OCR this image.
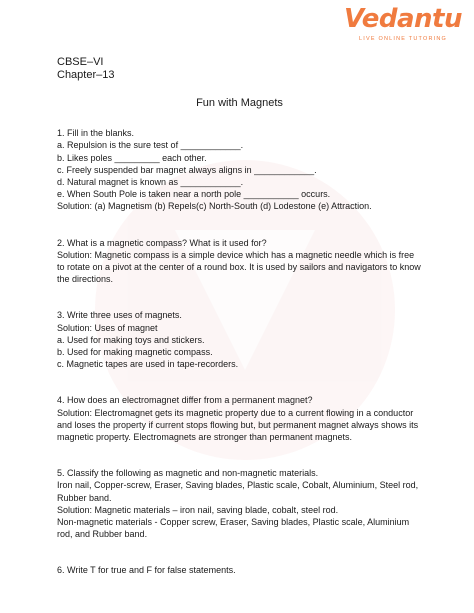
Vedantu
LIVE ONLINE TUTORING
CBSE–VI
Chapter–13
Fun with Magnets

1. Fill in the blanks.

a. Repulsion is the sure test of ____________.

b. Likes poles _________ each other.

c. Freely suspended bar magnet always aligns in ____________.

d. Natural magnet is known as ____________.

e. When South Pole is taken near a north pole ___________ occurs.

Solution: (a) Magnetism (b) Repels(c) North-South (d) Lodestone (e) Attraction.

2. What is a magnetic compass? What is it used for?

Solution: Magnetic compass is a simple device which has a magnetic needle which is free to rotate on a pivot at the center of a round box. It is used by sailors and navigators to know the directions.

3. Write three uses of magnets.

Solution: Uses of magnet

a. Used for making toys and stickers.

b. Used for making magnetic compass.

c. Magnetic tapes are used in tape-recorders.

4. How does an electromagnet differ from a permanent magnet?

Solution: Electromagnet gets its magnetic property due to a current flowing in a conductor and loses the property if current stops flowing but, but permanent magnet always shows its magnetic property. Electromagnets are stronger than permanent magnets.

5. Classify the following as magnetic and non-magnetic materials.

Iron nail, Copper-screw, Eraser, Saving blades, Plastic scale, Cobalt, Aluminium, Steel rod, Rubber band.

Solution: Magnetic materials – iron nail, saving blade, cobalt, steel rod.

Non-magnetic materials - Copper screw, Eraser, Saving blades, Plastic scale, Aluminium rod, and Rubber band.

6. Write T for true and F for false statements.
